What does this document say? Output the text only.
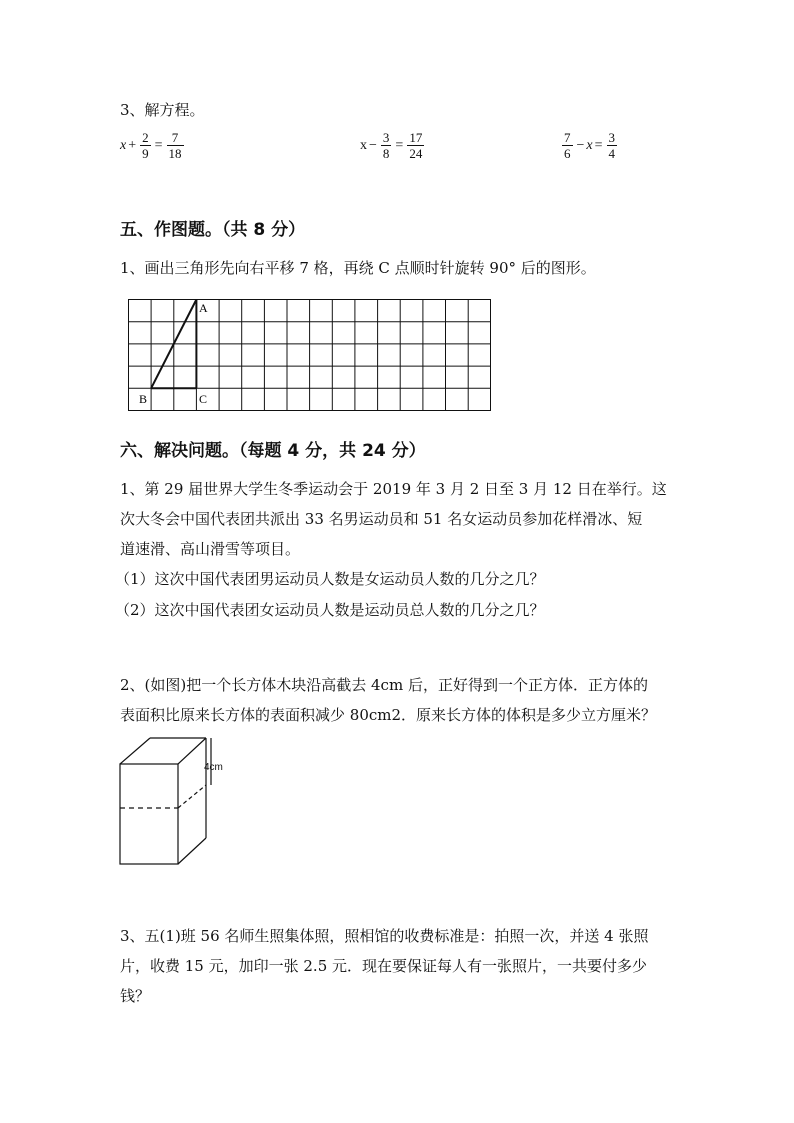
3、解方程。
$x + \frac{2}{9} = \frac{7}{18}$	$x - \frac{3}{8} = \frac{17}{24}$	$\frac{7}{6} - x = \frac{3}{4}$
五、作图题。（共 8 分）
1、画出三角形先向右平移 7 格，再绕 C 点顺时针旋转 90° 后的图形。
A
B	C
六、解决问题。（每题 4 分，共 24 分）
1、第 29 届世界大学生冬季运动会于 2019 年 3 月 2 日至 3 月 12 日在举行。这
次大冬会中国代表团共派出 33 名男运动员和 51 名女运动员参加花样滑冰、短
道速滑、高山滑雪等项目。
（1）这次中国代表团男运动员人数是女运动员人数的几分之几？
（2）这次中国代表团女运动员人数是运动员总人数的几分之几？
2、(如图)把一个长方体木块沿高截去 4cm 后，正好得到一个正方体．正方体的
表面积比原来长方体的表面积减少 80cm2．原来长方体的体积是多少立方厘米？
4cm
3、五(1)班 56 名师生照集体照，照相馆的收费标准是：拍照一次，并送 4 张照
片，收费 15 元，加印一张 2.5 元．现在要保证每人有一张照片，一共要付多少
钱？
